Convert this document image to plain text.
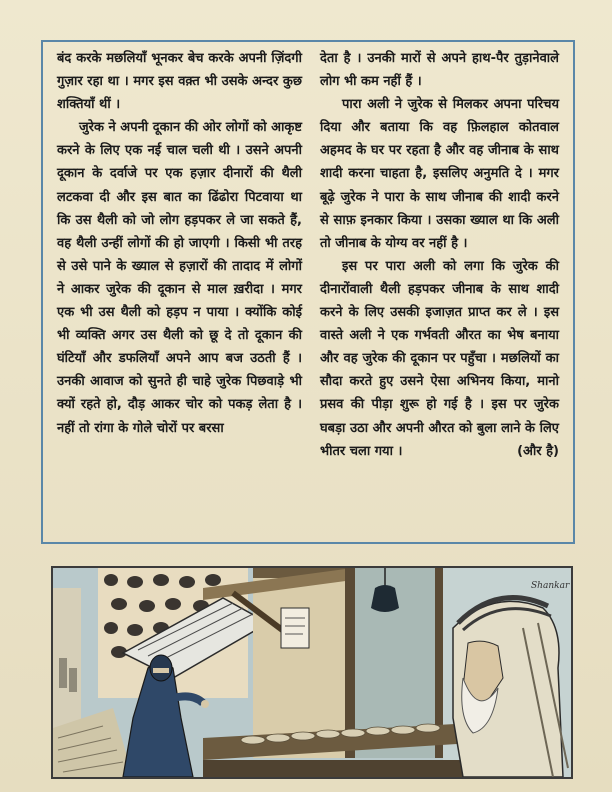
बंद करके मछलियाँ भूनकर बेच करके अपनी ज़िंदगी गुज़ार रहा था । मगर इस वक़्त भी उसके अन्दर कुछ शक्तियाँ थीं ।

जुरेक ने अपनी दूकान की ओर लोगों को आकृष्ट करने के लिए एक नई चाल चली थी । उसने अपनी दूकान के दर्वाजे पर एक हज़ार दीनारों की थैली लटकवा दी और इस बात का ढिंढोरा पिटवाया था कि उस थैली को जो लोग हड़पकर ले जा सकते हैं, वह थैली उन्हीं लोगों की हो जाएगी । किसी भी तरह से उसे पाने के ख्याल से हज़ारों की तादाद में लोगों ने आकर जुरेक की दूकान से माल ख़रीदा । मगर एक भी उस थैली को हड़प न पाया । क्योंकि कोई भी व्यक्ति अगर उस थैली को छू दे तो दूकान की घंटियाँ और डफलियाँ अपने आप बज उठती हैं । उनकी आवाज को सुनते ही चाहे जुरेक पिछवाड़े भी क्यों रहते हो, दौड़ आकर चोर को पकड़ लेता है । नहीं तो रांगा के गोले चोरों पर बरसा

देता है । उनकी मारों से अपने हाथ-पैर तुड़ानेवाले लोग भी कम नहीं हैं ।

पारा अली ने जुरेक से मिलकर अपना परिचय दिया और बताया कि वह फ़िलहाल कोतवाल अहमद के घर पर रहता है और वह जीनाब के साथ शादी करना चाहता है, इसलिए अनुमति दे । मगर बूढ़े जुरेक ने पारा के साथ जीनाब की शादी करने से साफ़ इनकार किया । उसका ख्याल था कि अली तो जीनाब के योग्य वर नहीं है ।

इस पर पारा अली को लगा कि जुरेक की दीनारोंवाली थैली हड़पकर जीनाब के साथ शादी करने के लिए उसकी इजाज़त प्राप्त कर ले । इस वास्ते अली ने एक गर्भवती औरत का भेष बनाया और वह जुरेक की दूकान पर पहुँचा । मछलियों का सौदा करते हुए उसने ऐसा अभिनय किया, मानो प्रसव की पीड़ा शुरू हो गई है । इस पर जुरेक घबड़ा उठा और अपनी औरत को बुला लाने के लिए भीतर चला गया ।	(और है)

Shankar
